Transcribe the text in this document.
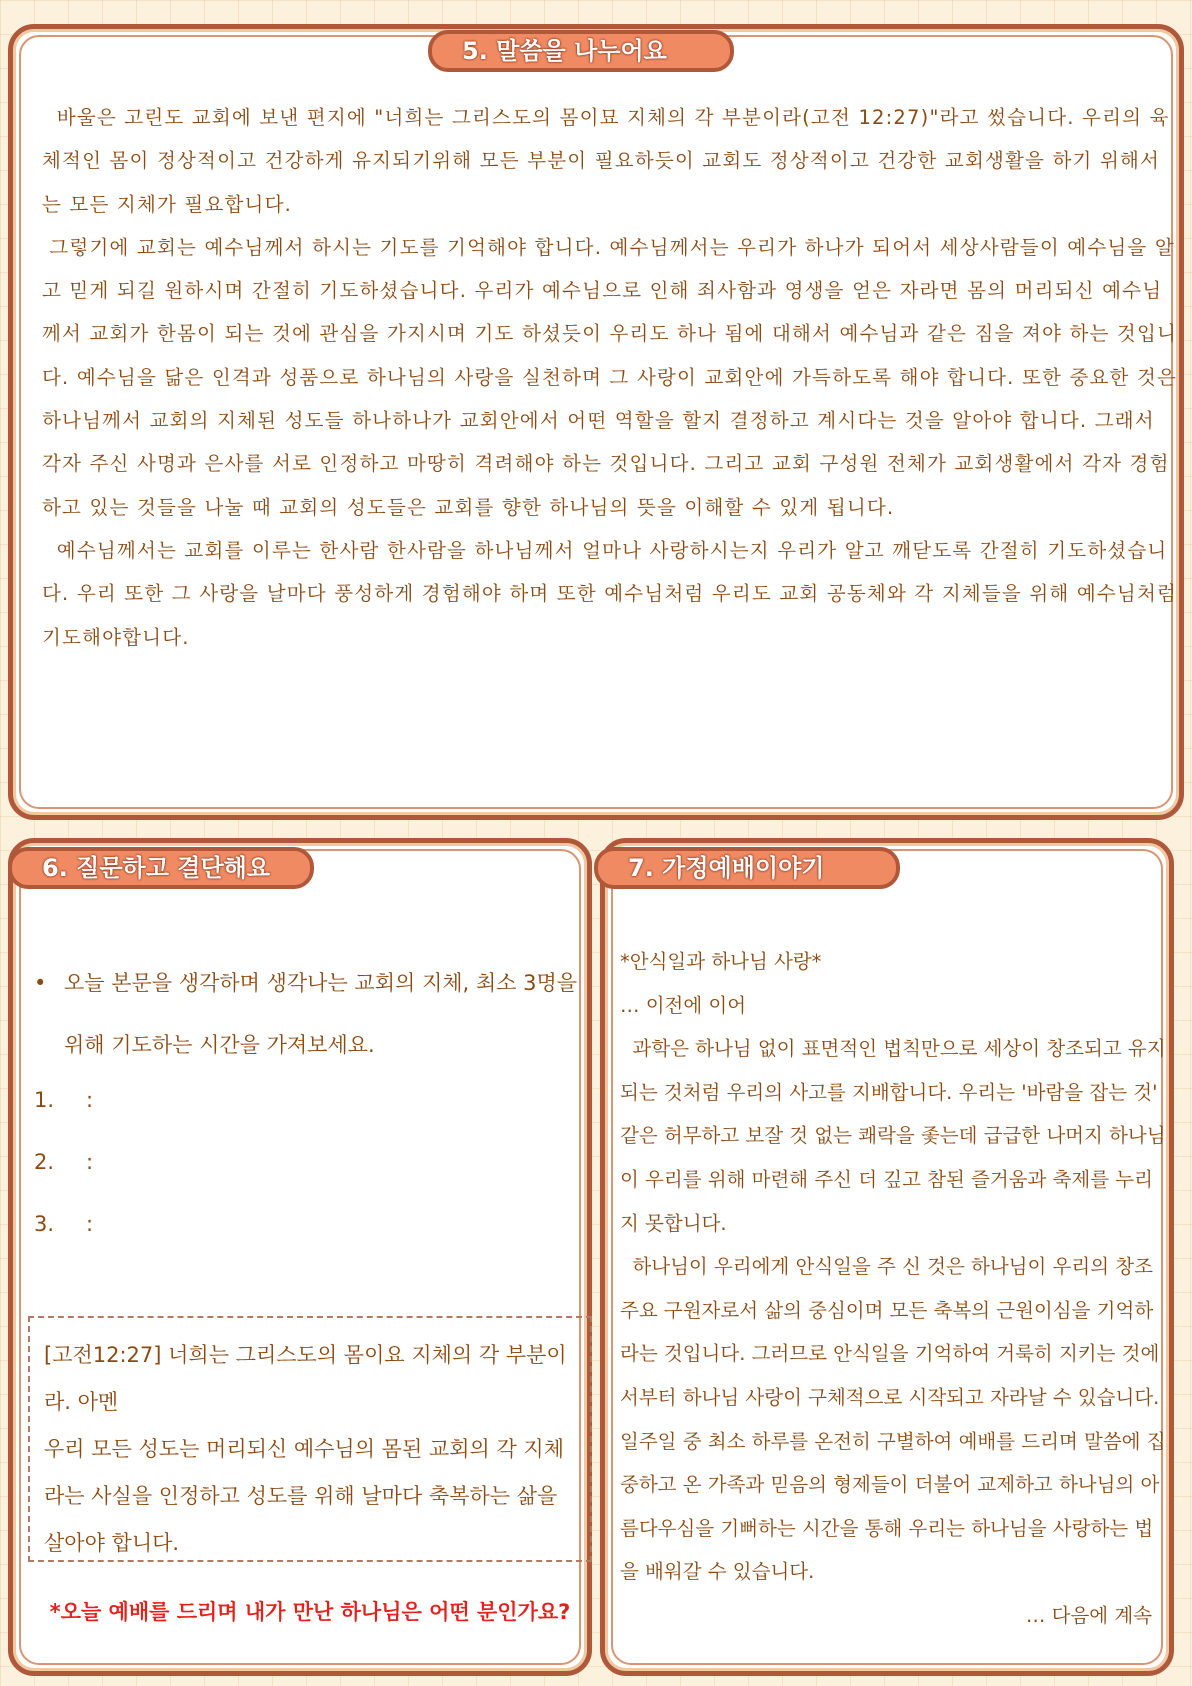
5. 말씀을 나누어요

바울은 고린도 교회에 보낸 편지에 "너희는 그리스도의 몸이묘 지체의 각 부분이라(고전 12:27)"라고 썼습니다. 우리의 육체적인 몸이 정상적이고 건강하게 유지되기위해 모든 부분이 필요하듯이 교회도 정상적이고 건강한 교회생활을 하기 위해서는 모든 지체가 필요합니다.

그렇기에 교회는 예수님께서 하시는 기도를 기억해야 합니다. 예수님께서는 우리가 하나가 되어서 세상사람들이 예수님을 알고 믿게 되길 원하시며 간절히 기도하셨습니다. 우리가 예수님으로 인해 죄사함과 영생을 얻은 자라면 몸의 머리되신 예수님께서 교회가 한몸이 되는 것에 관심을 가지시며 기도 하셨듯이 우리도 하나 됨에 대해서 예수님과 같은 짐을 져야 하는 것입니다. 예수님을 닮은 인격과 성품으로 하나님의 사랑을 실천하며 그 사랑이 교회안에 가득하도록 해야 합니다. 또한 중요한 것은 하나님께서 교회의 지체된 성도들 하나하나가 교회안에서 어떤 역할을 할지 결정하고 계시다는 것을 알아야 합니다. 그래서 각자 주신 사명과 은사를 서로 인정하고 마땅히 격려해야 하는 것입니다. 그리고 교회 구성원 전체가 교회생활에서 각자 경험하고 있는 것들을 나눌 때 교회의 성도들은 교회를 향한 하나님의 뜻을 이해할 수 있게 됩니다.

예수님께서는 교회를 이루는 한사람 한사람을 하나님께서 얼마나 사랑하시는지 우리가 알고 깨닫도록 간절히 기도하셨습니다. 우리 또한 그 사랑을 날마다 풍성하게 경험해야 하며 또한 예수님처럼 우리도 교회 공동체와 각 지체들을 위해 예수님처럼 기도해야합니다.

6. 질문하고 결단해요
• 오늘 본문을 생각하며 생각나는 교회의 지체, 최소 3명을 위해 기도하는 시간을 가져보세요.
1. :
2. :
3. :

[고전12:27] 너희는 그리스도의 몸이요 지체의 각 부분이라. 아멘

우리 모든 성도는 머리되신 예수님의 몸된 교회의 각 지체라는 사실을 인정하고 성도를 위해 날마다 축복하는 삶을 살아야 합니다.

*오늘 예배를 드리며 내가 만난 하나님은 어떤 분인가요?
7. 가정예배이야기

*안식일과 하나님 사랑*

… 이전에 이어

과학은 하나님 없이 표면적인 법칙만으로 세상이 창조되고 유지되는 것처럼 우리의 사고를 지배합니다. 우리는 '바람을 잡는 것' 같은 허무하고 보잘 것 없는 쾌락을 좇는데 급급한 나머지 하나님이 우리를 위해 마련해 주신 더 깊고 참된 즐거움과 축제를 누리지 못합니다.

하나님이 우리에게 안식일을 주 신 것은 하나님이 우리의 창조주요 구원자로서 삶의 중심이며 모든 축복의 근원이심을 기억하라는 것입니다. 그러므로 안식일을 기억하여 거룩히 지키는 것에서부터 하나님 사랑이 구체적으로 시작되고 자라날 수 있습니다. 일주일 중 최소 하루를 온전히 구별하여 예배를 드리며 말씀에 집중하고 온 가족과 믿음의 형제들이 더불어 교제하고 하나님의 아름다우심을 기뻐하는 시간을 통해 우리는 하나님을 사랑하는 법을 배워갈 수 있습니다.

… 다음에 계속
